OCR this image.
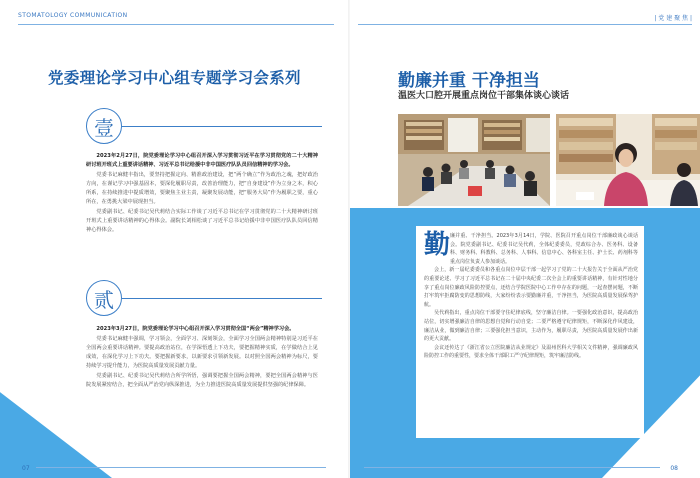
STOMATOLOGY COMMUNICATION
党委理论学习中心组专题学习会系列
壹

2023年2月27日，院党委理论学习中心组召开深入学习贯彻习近平在学习贯彻党的二十大精神研讨班开班式上重要讲话精神、习近平总书记给援中非中国医疗队队员回信精神的学习会。

党委书记麻健丰指出，要坚持把握定向、精准政治建设，把“两个确立”作为政治之魂，把好政治方向，在谨记学习中强基固本，要深化履职尽责，改善治理能力，把“自身建设”作为立身之本，积心所系，在持续推进中提质增效，要聚焦主业主责，凝聚发展动能，把“服务大局”作为履职之要，重心所在，在勇挑大梁中展现担当。

党委副书记、纪委书记吴代莉结合实际工作谈了习近平总书记在学习贯彻党的二十大精神研讨班开班式上重要讲话精神的心得体会。副院长刘相松谈了习近平总书记给援中非中国医疗队队员回信精神心得体会。

贰

2023年3月27日，院党委理论学习中心组召开深入学习贯彻全国“两会”精神学习会。

党委书记麻健丰强调，学习领会，全面学习、深刻领会，全面学习全国两会精神特别是习近平在全国两会重要讲话精神。要提高政治站位，在学深悟透上下功夫，要把握精神实质，在学做结合上见成效，在深化学习上下功夫。要把握新要求，以新要求引领新发展。以对照全国两会精神为标尺，要持续学习提升能力，为医院高质量发展贡献力量。

党委副书记、纪委书记吴代莉结合所学所悟，强调要把握全国两会精神，要把全国两会精神与医院发展紧密结合，把全面从严治党向纵深推进，为全力推进医院高质量发展提供坚强的纪律保障。

07
| 党 建 聚 焦 |
勤廉并重 干净担当
温医大口腔开展重点岗位干部集体谈心谈话

廉并重、干净担当。2023年3月14日，学院、医院召开重点岗位干部廉政谈心谈话会。院党委副书记、纪委书记吴代莉，全体纪委委员，党政综合办、医务科、设备科、财务科、科教科、总务科、人事科、信息中心、各科室主任、护士长、药剂科等重点岗位负责人参加谈话。

会上，新一届纪委委员和各重点岗位中层干部一起学习了党的二十大报告关于全面从严治党的重要论述、学习了习近平总书记在二十届中央纪委二次全会上的重要讲话精神，有针对性地分享了重点岗位廉政风险防控要点，还结合学院医院中心工作中存在的问题，一起查摆问题，不断打牢筑牢拒腐防变的思想防线，大家纷纷表示要勤廉并重，干净担当，为医院高质量发展保驾护航。

吴代莉指出，重点岗位干部要守住纪律底线，坚守廉洁自律。一要强化政治意识，提高政治站位，切实增强廉洁自律的思想自觉和行动自觉；二要严格遵守纪律规矩，不断深化作风建设，廉洁从业，做到廉洁自律；三要强化担当意识，主动作为，履职尽责，为医院高质量发展作出新的更大贡献。

会议还传达了《浙江省公立医院廉洁从业规定》及温州医科大学相关文件精神，强调廉政风险防控工作的重要性，要求全体干部职工严守纪律规矩，筑牢廉洁防线。

勤
08
